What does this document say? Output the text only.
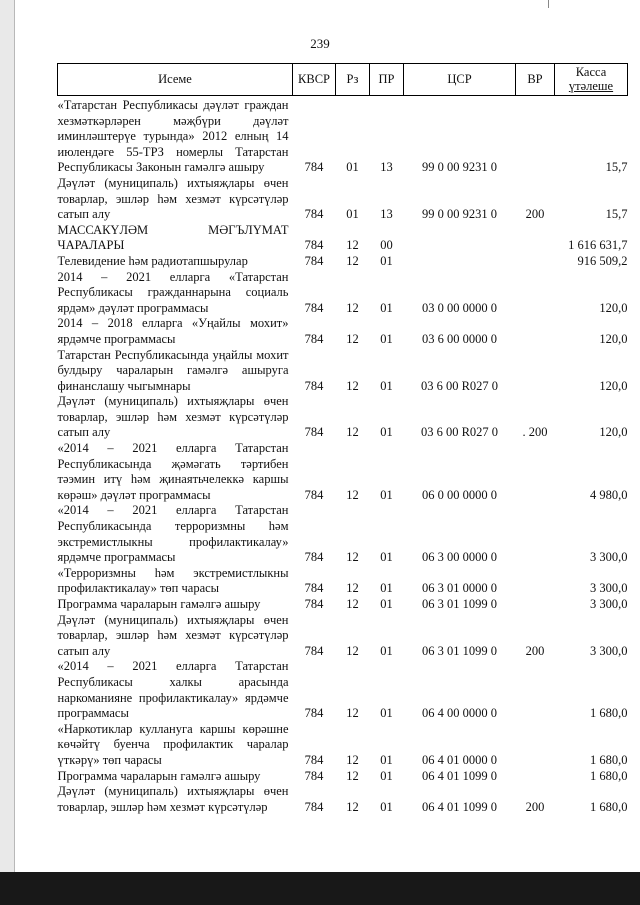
239
Исеме	КВСР	Рз	ПР	ЦСР	ВР	Касса
үтәлеше

«Татарстан Республикасы дәүләт граждан хезмәткәрләрен мәҗбүри дәүләт иминләштерүе турында» 2012 елның 14 июлендәге 55-ТРЗ номерлы Татарстан Республикасы Законын гамәлгә ашыру	784	01	13	99 0 00 9231 0		15,7
Дәүләт (муниципаль) ихтыяҗлары өчен товарлар, эшләр һәм хезмәт күрсәтүләр сатып алу	784	01	13	99 0 00 9231 0	200	15,7
МАССАКҮЛӘМ МӘГЪЛҮМАТ ЧАРАЛАРЫ	784	12	00			1 616 631,7
Телевидение һәм радиотапшырулар	784	12	01			916 509,2
2014 – 2021 елларга «Татарстан Республикасы гражданнарына социаль ярдәм» дәүләт программасы	784	12	01	03 0 00 0000 0		120,0
2014 – 2018 елларга «Уңайлы мохит» ярдәмче программасы	784	12	01	03 6 00 0000 0		120,0
Татарстан Республикасында уңайлы мохит булдыру чараларын гамәлгә ашыруга финанслашу чыгымнары	784	12	01	03 6 00 R027 0		120,0
Дәүләт (муниципаль) ихтыяҗлары өчен товарлар, эшләр һәм хезмәт күрсәтүләр сатып алу	784	12	01	03 6 00 R027 0	. 200	120,0
«2014 – 2021 елларга Татарстан Республикасында җәмәгать тәртибен тәэмин итү һәм җинаятьчелеккә каршы көрәш» дәүләт программасы	784	12	01	06 0 00 0000 0		4 980,0
«2014 – 2021 елларга Татарстан Республикасында терроризмны һәм экстремистлыкны профилактикалау» ярдәмче программасы	784	12	01	06 3 00 0000 0		3 300,0
«Терроризмны һәм экстремистлыкны профилактикалау» төп чарасы	784	12	01	06 3 01 0000 0		3 300,0
Программа чараларын гамәлгә ашыру	784	12	01	06 3 01 1099 0		3 300,0
Дәүләт (муниципаль) ихтыяҗлары өчен товарлар, эшләр һәм хезмәт күрсәтүләр сатып алу	784	12	01	06 3 01 1099 0	200	3 300,0
«2014 – 2021 елларга Татарстан Республикасы халкы арасында наркоманияне профилактикалау» ярдәмче программасы	784	12	01	06 4 00 0000 0		1 680,0
«Наркотиклар куллануга каршы көрәшне көчәйтү буенча профилактик чаралар үткәрү» төп чарасы	784	12	01	06 4 01 0000 0		1 680,0
Программа чараларын гамәлгә ашыру	784	12	01	06 4 01 1099 0		1 680,0
Дәүләт (муниципаль) ихтыяҗлары өчен товарлар, эшләр һәм хезмәт күрсәтүләр	784	12	01	06 4 01 1099 0	200	1 680,0
